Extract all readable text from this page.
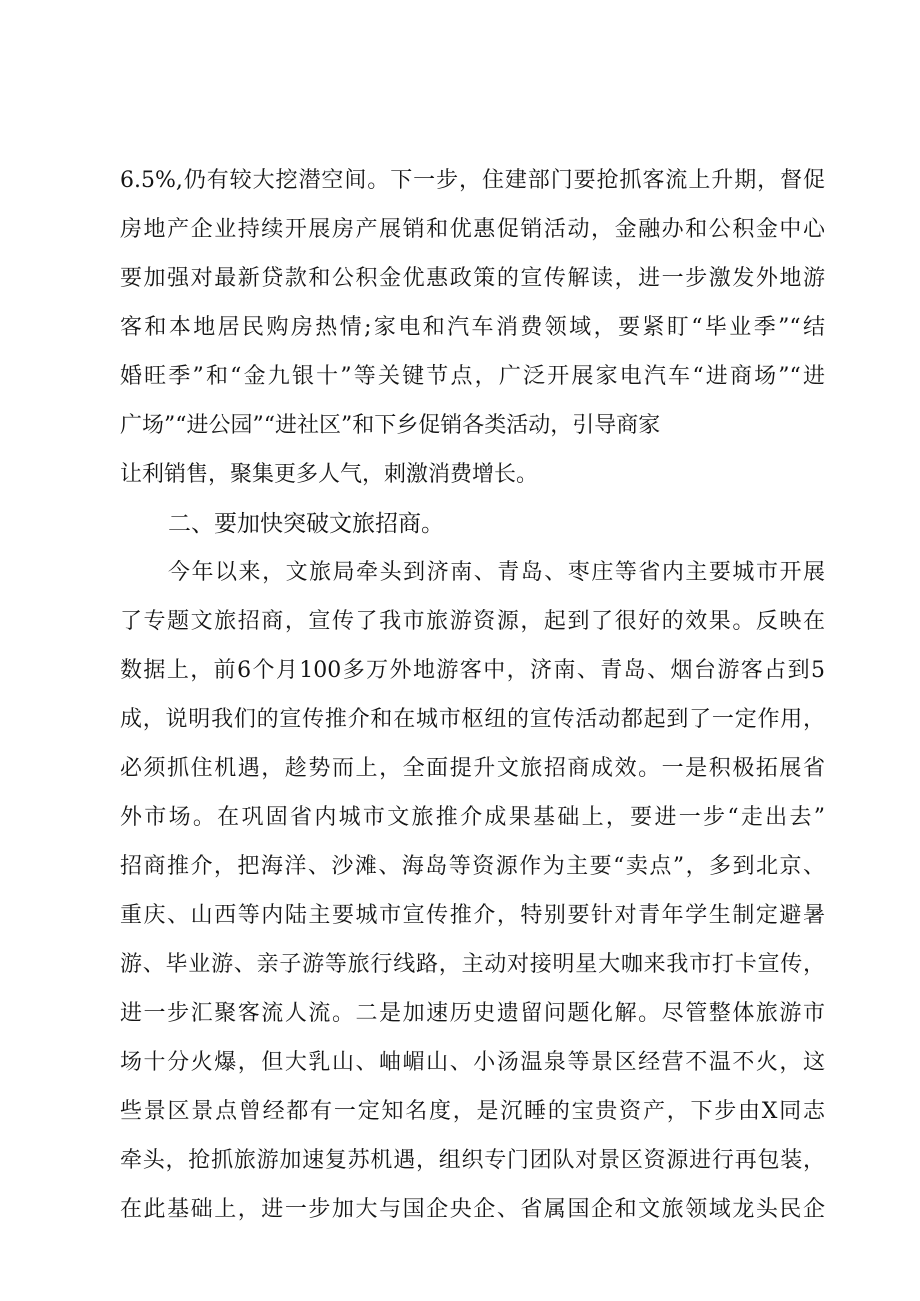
6.5%,仍有较大挖潜空间。下一步，住建部门要抢抓客流上升期，督促
房地产企业持续开展房产展销和优惠促销活动，金融办和公积金中心
要加强对最新贷款和公积金优惠政策的宣传解读，进一步激发外地游
客和本地居民购房热情;家电和汽车消费领域，要紧盯“毕业季”“结
婚旺季”和“金九银十”等关键节点，广泛开展家电汽车“进商场”“进
广场”“进公园”“进社区”和下乡促销各类活动，引导商家
让利销售，聚集更多人气，刺激消费增长。
二、要加快突破文旅招商。
今年以来，文旅局牵头到济南、青岛、枣庄等省内主要城市开展
了专题文旅招商，宣传了我市旅游资源，起到了很好的效果。反映在
数据上，前6个月100多万外地游客中，济南、青岛、烟台游客占到5
成，说明我们的宣传推介和在城市枢纽的宣传活动都起到了一定作用，
必须抓住机遇，趁势而上，全面提升文旅招商成效。一是积极拓展省
外市场。在巩固省内城市文旅推介成果基础上，要进一步“走出去”
招商推介，把海洋、沙滩、海岛等资源作为主要“卖点”，多到北京、
重庆、山西等内陆主要城市宣传推介，特别要针对青年学生制定避暑
游、毕业游、亲子游等旅行线路，主动对接明星大咖来我市打卡宣传，
进一步汇聚客流人流。二是加速历史遗留问题化解。尽管整体旅游市
场十分火爆，但大乳山、岫嵋山、小汤温泉等景区经营不温不火，这
些景区景点曾经都有一定知名度，是沉睡的宝贵资产，下步由X同志
牵头，抢抓旅游加速复苏机遇，组织专门团队对景区资源进行再包装，
在此基础上，进一步加大与国企央企、省属国企和文旅领域龙头民企
